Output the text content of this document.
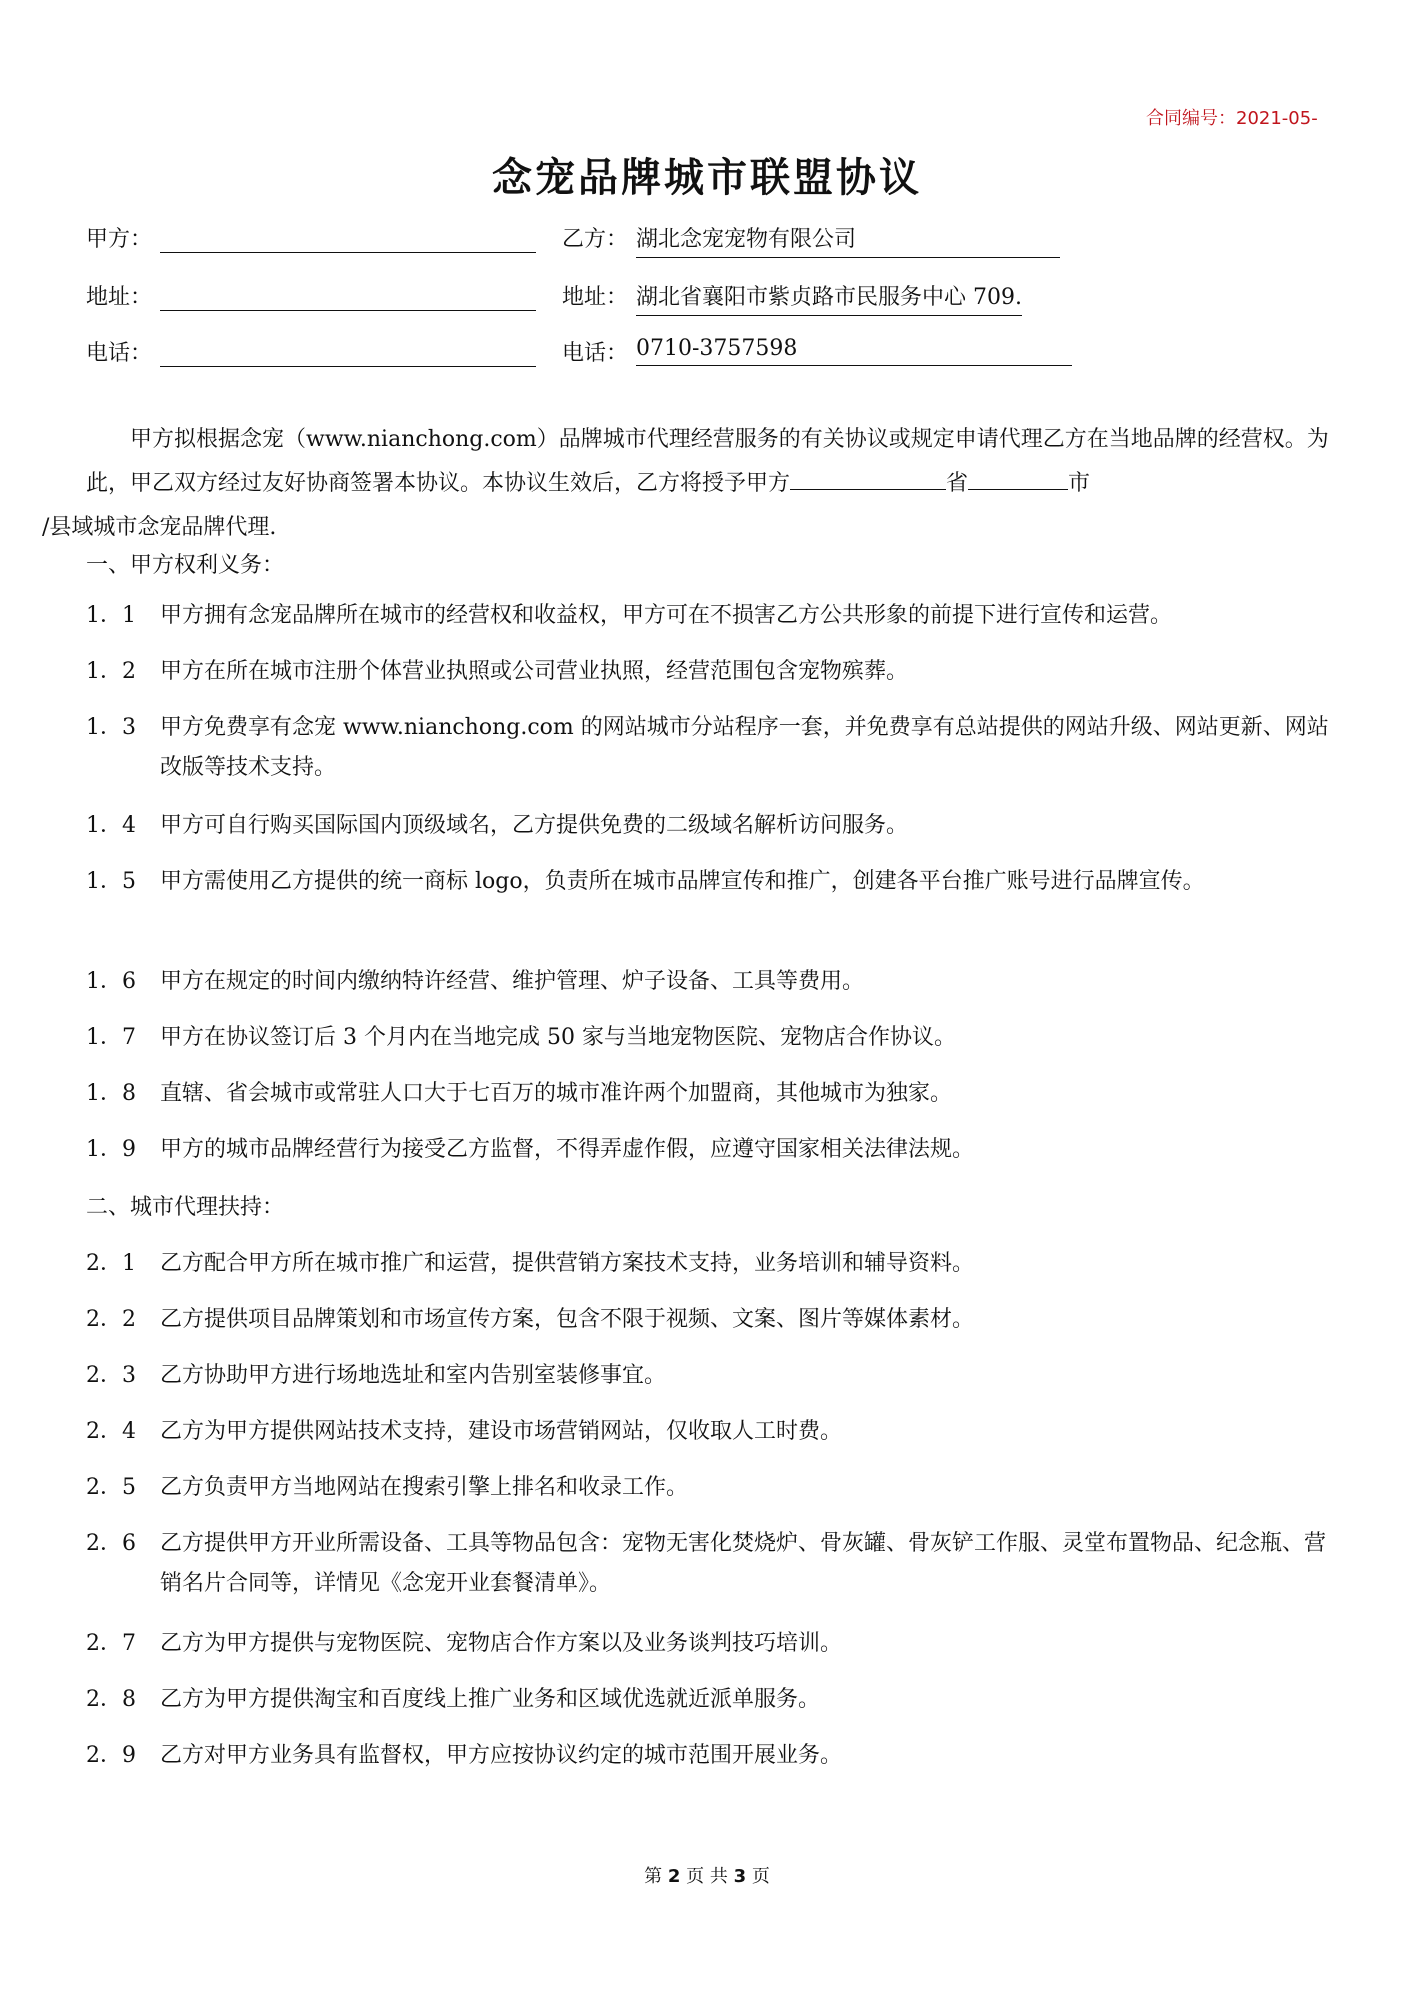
合同编号：2021-05-
念宠品牌城市联盟协议
甲方：	乙方： 湖北念宠宠物有限公司
地址：	地址： 湖北省襄阳市紫贞路市民服务中心 709.
电话：	电话： 0710-3757598
甲方拟根据念宠（www.nianchong.com）品牌城市代理经营服务的有关协议或规定申请代理乙方在当地品牌的经营权。为此，甲乙双方经过友好协商签署本协议。本协议生效后，乙方将授予甲方	省	市
/县域城市念宠品牌代理.
一、甲方权利义务：
1．1	甲方拥有念宠品牌所在城市的经营权和收益权，甲方可在不损害乙方公共形象的前提下进行宣传和运营。
1．2	甲方在所在城市注册个体营业执照或公司营业执照，经营范围包含宠物殡葬。
1．3	甲方免费享有念宠 www.nianchong.com 的网站城市分站程序一套，并免费享有总站提供的网站升级、网站更新、网站改版等技术支持。
1．4	甲方可自行购买国际国内顶级域名，乙方提供免费的二级域名解析访问服务。
1．5	甲方需使用乙方提供的统一商标 logo，负责所在城市品牌宣传和推广，创建各平台推广账号进行品牌宣传。
1．6	甲方在规定的时间内缴纳特许经营、维护管理、炉子设备、工具等费用。
1．7	甲方在协议签订后 3 个月内在当地完成 50 家与当地宠物医院、宠物店合作协议。
1．8	直辖、省会城市或常驻人口大于七百万的城市准许两个加盟商，其他城市为独家。
1．9	甲方的城市品牌经营行为接受乙方监督，不得弄虚作假，应遵守国家相关法律法规。
二、城市代理扶持：
2．1	乙方配合甲方所在城市推广和运营，提供营销方案技术支持，业务培训和辅导资料。
2．2	乙方提供项目品牌策划和市场宣传方案，包含不限于视频、文案、图片等媒体素材。
2．3	乙方协助甲方进行场地选址和室内告别室装修事宜。
2．4	乙方为甲方提供网站技术支持，建设市场营销网站，仅收取人工时费。
2．5	乙方负责甲方当地网站在搜索引擎上排名和收录工作。
2．6	乙方提供甲方开业所需设备、工具等物品包含：宠物无害化焚烧炉、骨灰罐、骨灰铲工作服、灵堂布置物品、纪念瓶、营销名片合同等，详情见《念宠开业套餐清单》。
2．7	乙方为甲方提供与宠物医院、宠物店合作方案以及业务谈判技巧培训。
2．8	乙方为甲方提供淘宝和百度线上推广业务和区域优选就近派单服务。
2．9	乙方对甲方业务具有监督权，甲方应按协议约定的城市范围开展业务。
第 2 页 共 3 页
